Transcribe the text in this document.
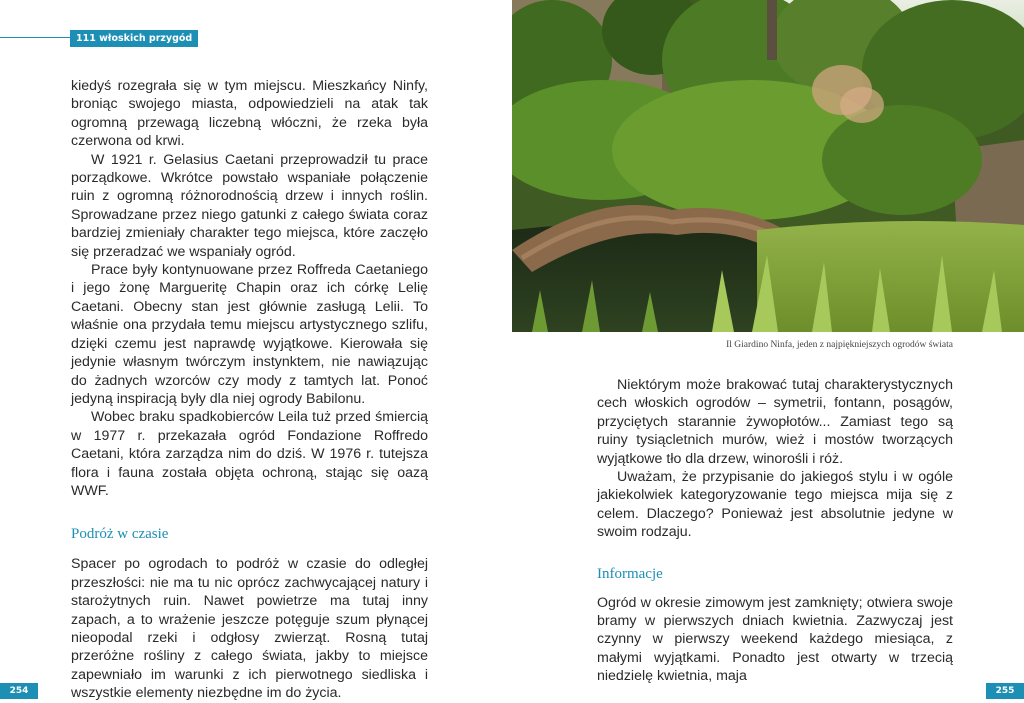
111 włoskich przygód

kiedyś rozegrała się w tym miejscu. Mieszkańcy Ninfy, broniąc swojego miasta, odpowiedzieli na atak tak ogromną przewagą liczebną włóczni, że rzeka była czerwona od krwi.

W 1921 r. Gelasius Caetani przeprowadził tu prace porządkowe. Wkrótce powstało wspaniałe połączenie ruin z ogromną różnorodnością drzew i innych roślin. Sprowadzane przez niego gatunki z całego świata coraz bardziej zmieniały charakter tego miejsca, które zaczęło się przeradzać we wspaniały ogród.

Prace były kontynuowane przez Roffreda Caetaniego i jego żonę Margueritę Chapin oraz ich córkę Lelię Caetani. Obecny stan jest głównie zasługą Lelii. To właśnie ona przydała temu miejscu artystycznego szlifu, dzięki czemu jest naprawdę wyjątkowe. Kierowała się jedynie własnym twórczym instynktem, nie nawiązując do żadnych wzorców czy mody z tamtych lat. Ponoć jedyną inspiracją były dla niej ogrody Babilonu.

Wobec braku spadkobierców Leila tuż przed śmiercią w 1977 r. przekazała ogród Fondazione Roffredo Caetani, która zarządza nim do dziś. W 1976 r. tutejsza flora i fauna została objęta ochroną, stając się oazą WWF.

Podróż w czasie

Spacer po ogrodach to podróż w czasie do odległej przeszłości: nie ma tu nic oprócz zachwycającej natury i starożytnych ruin. Nawet powietrze ma tutaj inny zapach, a to wrażenie jeszcze potęguje szum płynącej nieopodal rzeki i odgłosy zwierząt. Rosną tutaj przeróżne rośliny z całego świata, jakby to miejsce zapewniało im warunki z ich pierwotnego siedliska i wszystkie elementy niezbędne im do życia.

Il Giardino Ninfa, jeden z najpiękniejszych ogrodów świata

Niektórym może brakować tutaj charakterystycznych cech włoskich ogrodów – symetrii, fontann, posągów, przyciętych starannie żywopłotów... Zamiast tego są ruiny tysiącletnich murów, wież i mostów tworzących wyjątkowe tło dla drzew, winorośli i róż.

Uważam, że przypisanie do jakiegoś stylu i w ogóle jakiekolwiek kategoryzowanie tego miejsca mija się z celem. Dlaczego? Ponieważ jest absolutnie jedyne w swoim rodzaju.

Informacje

Ogród w okresie zimowym jest zamknięty; otwiera swoje bramy w pierwszych dniach kwietnia. Zazwyczaj jest czynny w pierwszy weekend każdego miesiąca, z małymi wyjątkami. Ponadto jest otwarty w trzecią niedzielę kwietnia, maja

254	255
